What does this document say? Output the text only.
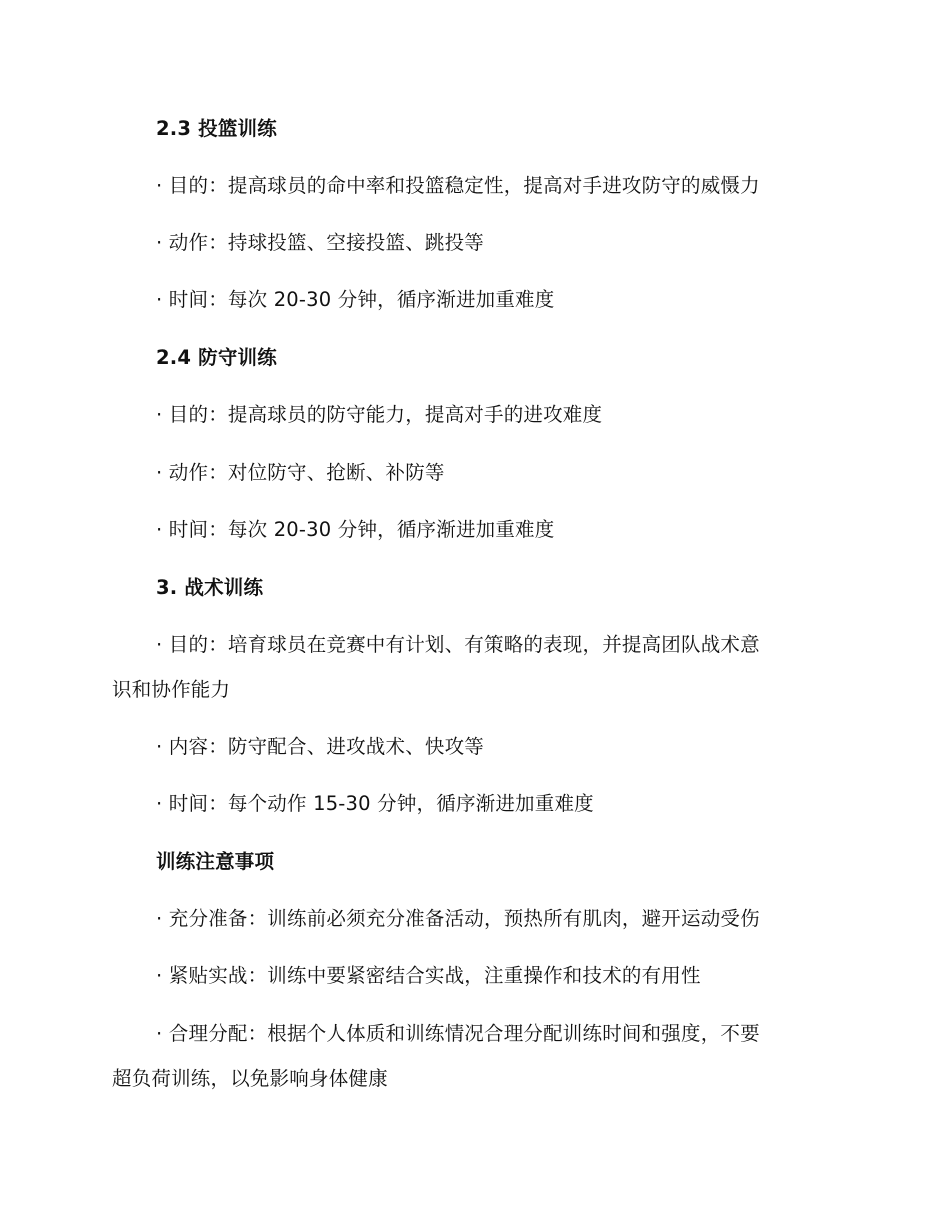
2.3 投篮训练
· 目的：提高球员的命中率和投篮稳定性，提高对手进攻防守的威慑力
· 动作：持球投篮、空接投篮、跳投等
· 时间：每次 20-30 分钟，循序渐进加重难度
2.4 防守训练
· 目的：提高球员的防守能力，提高对手的进攻难度
· 动作：对位防守、抢断、补防等
· 时间：每次 20-30 分钟，循序渐进加重难度
3. 战术训练
· 目的：培育球员在竞赛中有计划、有策略的表现，并提高团队战术意
识和协作能力
· 内容：防守配合、进攻战术、快攻等
· 时间：每个动作 15-30 分钟，循序渐进加重难度
训练注意事项
· 充分准备：训练前必须充分准备活动，预热所有肌肉，避开运动受伤
· 紧贴实战：训练中要紧密结合实战，注重操作和技术的有用性
· 合理分配：根据个人体质和训练情况合理分配训练时间和强度，不要
超负荷训练，以免影响身体健康
